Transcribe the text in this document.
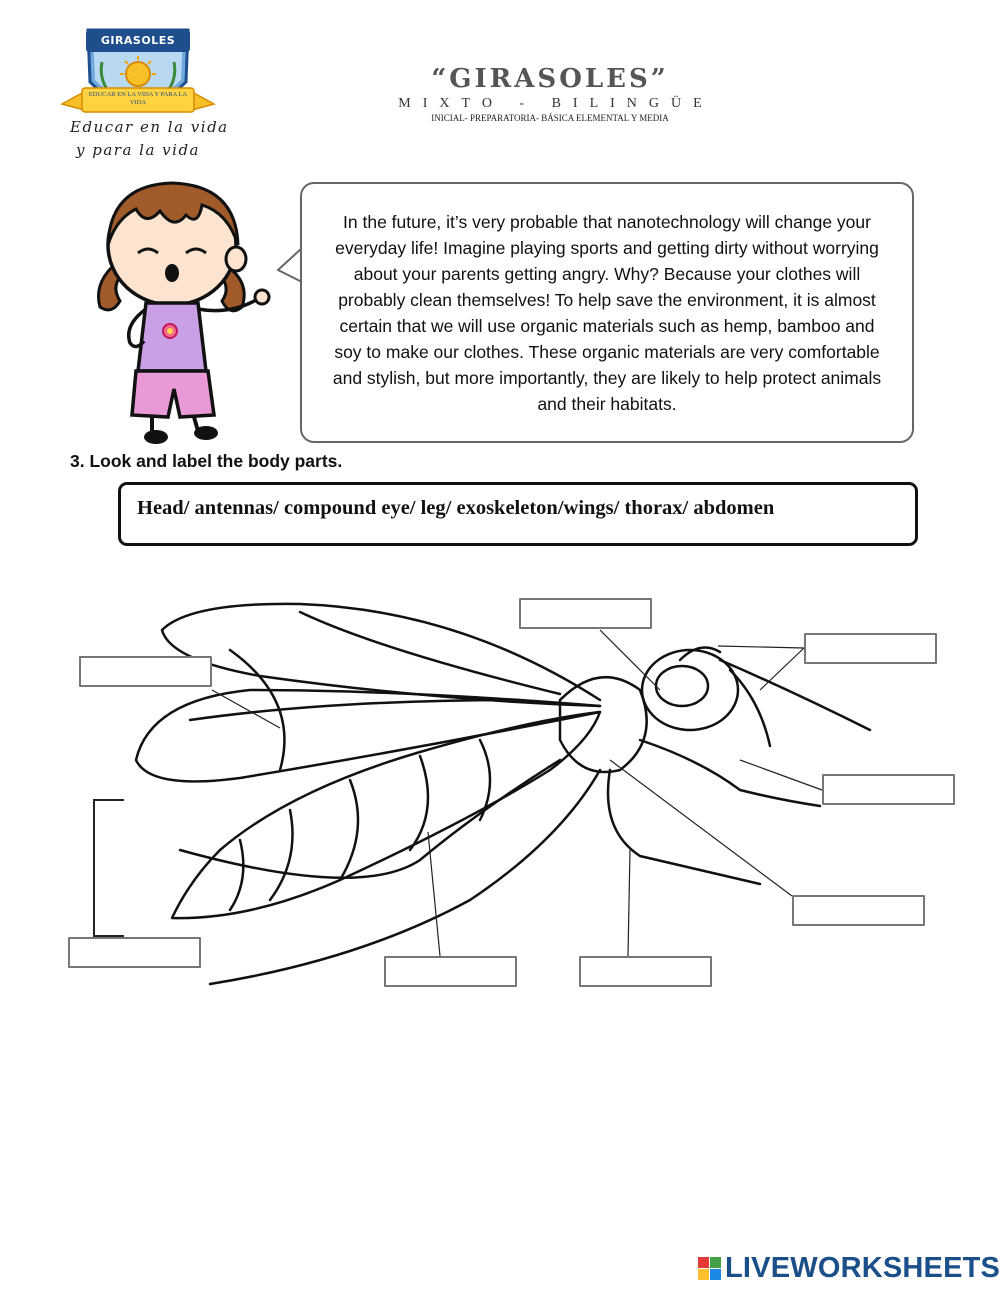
GIRASOLES
EDUCAR EN LA VIDA Y PARA LA VIDA
Educar en la vida
y para la vida
“GIRASOLES”
MIXTO - BILINGÜE
INICIAL- PREPARATORIA- BÁSICA ELEMENTAL Y MEDIA

In the future, it’s very probable that nanotechnology will change your everyday life! Imagine playing sports and getting dirty without worrying about your parents getting angry. Why? Because your clothes will probably clean themselves! To help save the environment, it is almost certain that we will use organic materials such as hemp, bamboo and soy to make our clothes. These organic materials are very comfortable and stylish, but more importantly, they are likely to help protect animals and their habitats.

3. Look and label the body parts.
Head/ antennas/ compound eye/ leg/ exoskeleton/wings/ thorax/ abdomen
LIVEWORKSHEETS
